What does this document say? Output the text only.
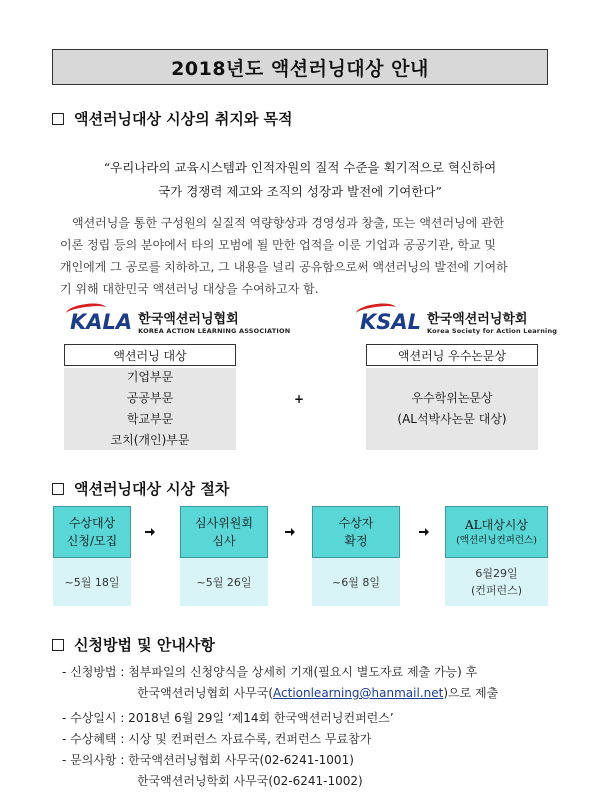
2018년도 액션러닝대상 안내
액션러닝대상 시상의 취지와 목적
“우리나라의 교육시스템과 인적자원의 질적 수준을 획기적으로 혁신하여
국가 경쟁력 제고와 조직의 성장과 발전에 기여한다”
액션러닝을 통한 구성원의 실질적 역량향상과 경영성과 창출, 또는 액션러닝에 관한
이론 정립 등의 분야에서 타의 모범에 될 만한 업적을 이룬 기업과 공공기관, 학교 및
개인에게 그 공로를 치하하고, 그 내용을 널리 공유함으로써 액션러닝의 발전에 기여하
기 위해 대한민국 액션러닝 대상을 수여하고자 함.
KALA 한국액션러닝협회
KOREA ACTION LEARNING ASSOCIATION	KSAL 한국액션러닝학회
Korea Society for Action Learning
액션러닝 대상
기업부문
공공부문
학교부문
코치(개인)부문
+
액션러닝 우수논문상
우수학위논문상
(AL석박사논문 대상)
액션러닝대상 시상 절차
수상대상
신청/모집
~5월 18일
심사위원회
심사
~5월 26일
수상자
확정
~6월 8일
AL대상시상
(액션러닝컨퍼런스)
6월29일
(컨퍼런스)
신청방법 및 안내사항
- 신청방법 : 첨부파일의 신청양식을 상세히 기재(필요시 별도자료 제출 가능) 후
한국액션러닝협회 사무국(Actionlearning@hanmail.net)으로 제출
- 수상일시 : 2018년 6월 29일 ‘제14회 한국액션러닝컨퍼런스’
- 수상혜택 : 시상 및 컨퍼런스 자료수록, 컨퍼런스 무료참가
- 문의사항 : 한국액션러닝협회 사무국(02-6241-1001)
한국액션러닝학회 사무국(02-6241-1002)
